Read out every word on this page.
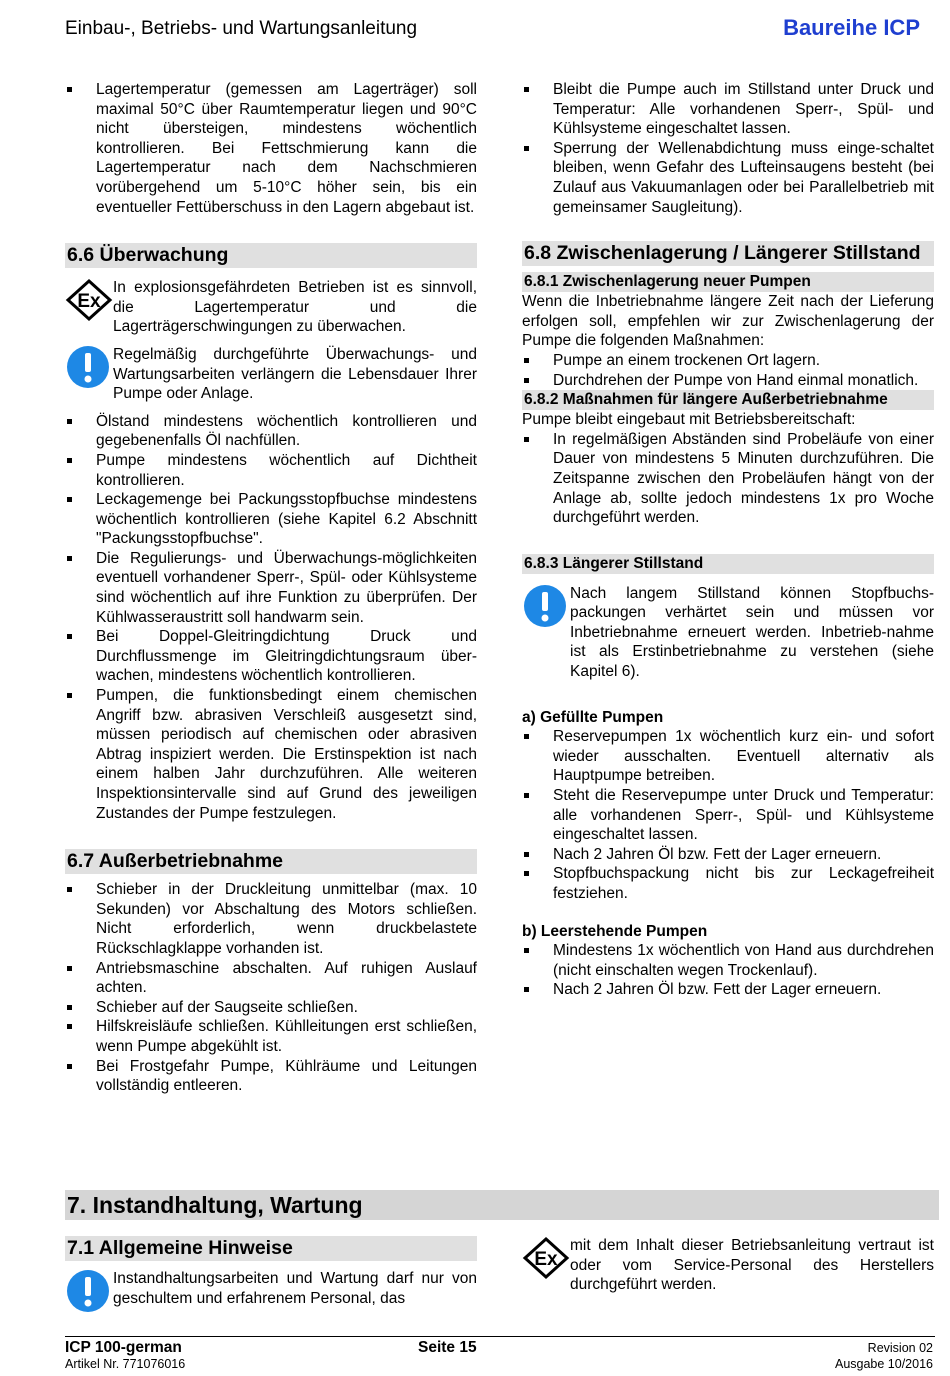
Einbau-, Betriebs- und Wartungsanleitung	Baureihe ICP
Lagertemperatur (gemessen am Lagerträger) soll maximal 50°C über Raumtemperatur liegen und 90°C nicht übersteigen, mindestens wöchentlich kontrollieren. Bei Fettschmierung kann die Lagertemperatur nach dem Nachschmieren vorübergehend um 5-10°C höher sein, bis ein eventueller Fettüberschuss in den Lagern abgebaut ist.
6.6 Überwachung
Ex
In explosionsgefährdeten Betrieben ist es sinnvoll, die Lagertemperatur und die Lagerträgerschwingungen zu überwachen.
Regelmäßig durchgeführte Überwachungs- und Wartungsarbeiten verlängern die Lebensdauer Ihrer Pumpe oder Anlage.
Ölstand mindestens wöchentlich kontrollieren und gegebenenfalls Öl nachfüllen.
Pumpe mindestens wöchentlich auf Dichtheit kontrollieren.
Leckagemenge bei Packungsstopfbuchse mindestens wöchentlich kontrollieren (siehe Kapitel 6.2 Abschnitt "Packungsstopfbuchse".
Die Regulierungs- und Überwachungs-möglichkeiten eventuell vorhandener Sperr-, Spül- oder Kühlsysteme sind wöchentlich auf ihre Funktion zu überprüfen. Der Kühlwasseraustritt soll handwarm sein.
Bei Doppel-Gleitringdichtung Druck und Durchflussmenge im Gleitringdichtungsraum über-wachen, mindestens wöchentlich kontrollieren.
Pumpen, die funktionsbedingt einem chemischen Angriff bzw. abrasiven Verschleiß ausgesetzt sind, müssen periodisch auf chemischen oder abrasiven Abtrag inspiziert werden. Die Erstinspektion ist nach einem halben Jahr durchzuführen. Alle weiteren Inspektionsintervalle sind auf Grund des jeweiligen Zustandes der Pumpe festzulegen.
6.7 Außerbetriebnahme
Schieber in der Druckleitung unmittelbar (max. 10 Sekunden) vor Abschaltung des Motors schließen. Nicht erforderlich, wenn druckbelastete Rückschlagklappe vorhanden ist.
Antriebsmaschine abschalten. Auf ruhigen Auslauf achten.
Schieber auf der Saugseite schließen.
Hilfskreisläufe schließen. Kühlleitungen erst schließen, wenn Pumpe abgekühlt ist.
Bei Frostgefahr Pumpe, Kühlräume und Leitungen vollständig entleeren.
Bleibt die Pumpe auch im Stillstand unter Druck und Temperatur: Alle vorhandenen Sperr-, Spül- und Kühlsysteme eingeschaltet lassen.
Sperrung der Wellenabdichtung muss einge-schaltet bleiben, wenn Gefahr des Lufteinsaugens besteht (bei Zulauf aus Vakuumanlagen oder bei Parallelbetrieb mit gemeinsamer Saugleitung).
6.8 Zwischenlagerung / Längerer Stillstand
6.8.1 Zwischenlagerung neuer Pumpen

Wenn die Inbetriebnahme längere Zeit nach der Lieferung erfolgen soll, empfehlen wir zur Zwischenlagerung der Pumpe die folgenden Maßnahmen:

Pumpe an einem trockenen Ort lagern.
Durchdrehen der Pumpe von Hand einmal monatlich.
6.8.2 Maßnahmen für längere Außerbetriebnahme

Pumpe bleibt eingebaut mit Betriebsbereitschaft:

In regelmäßigen Abständen sind Probeläufe von einer Dauer von mindestens 5 Minuten durchzuführen. Die Zeitspanne zwischen den Probeläufen hängt von der Anlage ab, sollte jedoch mindestens 1x pro Woche durchgeführt werden.
6.8.3 Längerer Stillstand
Nach langem Stillstand können Stopfbuchs-packungen verhärtet sein und müssen vor Inbetriebnahme erneuert werden. Inbetrieb-nahme ist als Erstinbetriebnahme zu verstehen (siehe Kapitel 6).
a) Gefüllte Pumpen
Reservepumpen 1x wöchentlich kurz ein- und sofort wieder ausschalten. Eventuell alternativ als Hauptpumpe betreiben.
Steht die Reservepumpe unter Druck und Temperatur: alle vorhandenen Sperr-, Spül- und Kühlsysteme eingeschaltet lassen.
Nach 2 Jahren Öl bzw. Fett der Lager erneuern.
Stopfbuchspackung nicht bis zur Leckagefreiheit festziehen.
b) Leerstehende Pumpen
Mindestens 1x wöchentlich von Hand aus durchdrehen (nicht einschalten wegen Trockenlauf).
Nach 2 Jahren Öl bzw. Fett der Lager erneuern.
7. Instandhaltung, Wartung
7.1 Allgemeine Hinweise
Instandhaltungsarbeiten und Wartung darf nur von geschultem und erfahrenem Personal, das
Ex
mit dem Inhalt dieser Betriebsanleitung vertraut ist oder vom Service-Personal des Herstellers durchgeführt werden.
ICP 100-german
Artikel Nr. 771076016
Seite 15	Revision 02
Ausgabe 10/2016
